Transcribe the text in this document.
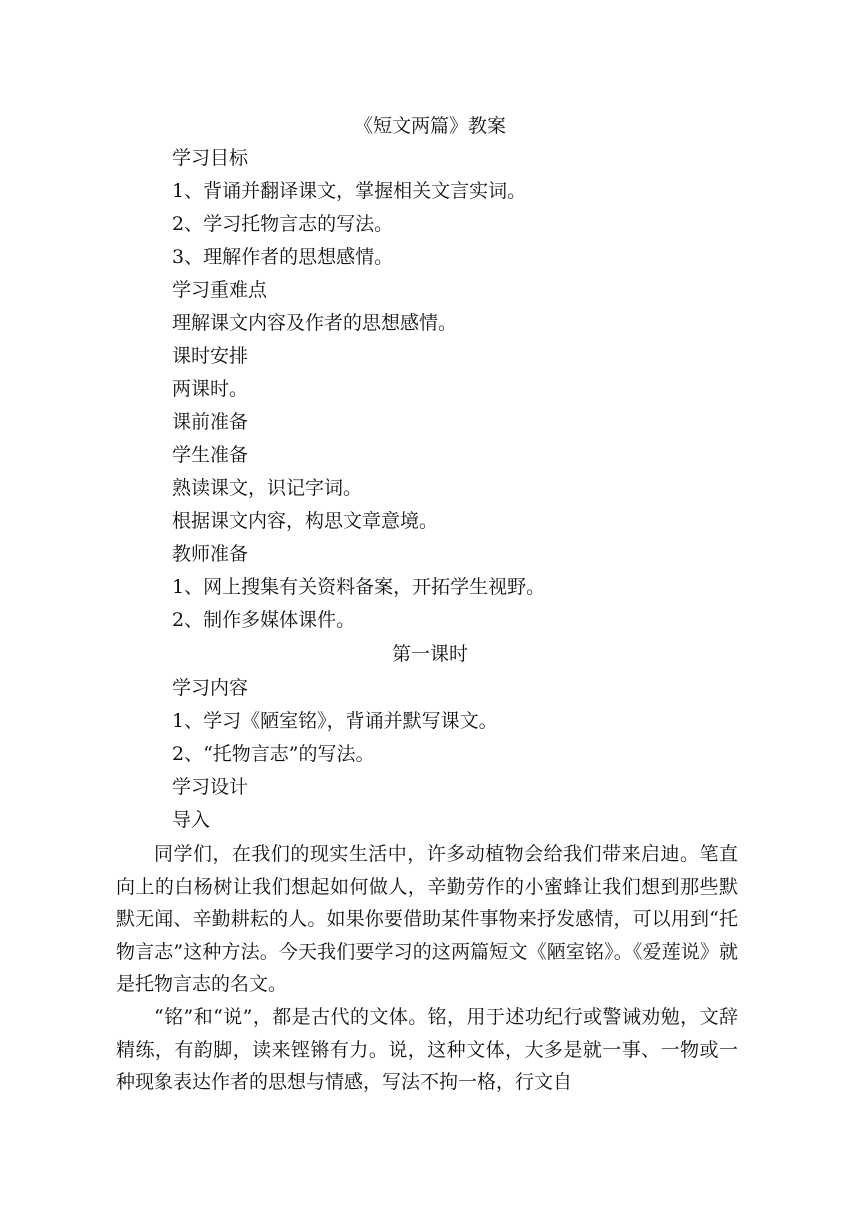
《短文两篇》教案
学习目标
1、背诵并翻译课文，掌握相关文言实词。
2、学习托物言志的写法。
3、理解作者的思想感情。
学习重难点
理解课文内容及作者的思想感情。
课时安排
两课时。
课前准备
学生准备
熟读课文，识记字词。
根据课文内容，构思文章意境。
教师准备
1、网上搜集有关资料备案，开拓学生视野。
2、制作多媒体课件。
第一课时
学习内容
1、学习《陋室铭》，背诵并默写课文。
2、“托物言志”的写法。
学习设计
导入
同学们，在我们的现实生活中，许多动植物会给我们带来启迪。笔直向上的白杨树让我们想起如何做人，辛勤劳作的小蜜蜂让我们想到那些默默无闻、辛勤耕耘的人。如果你要借助某件事物来抒发感情，可以用到“托物言志”这种方法。今天我们要学习的这两篇短文《陋室铭》。《爱莲说》就是托物言志的名文。
“铭”和“说”，都是古代的文体。铭，用于述功纪行或警诫劝勉，文辞精练，有韵脚，读来铿锵有力。说，这种文体，大多是就一事、一物或一种现象表达作者的思想与情感，写法不拘一格，行文自
